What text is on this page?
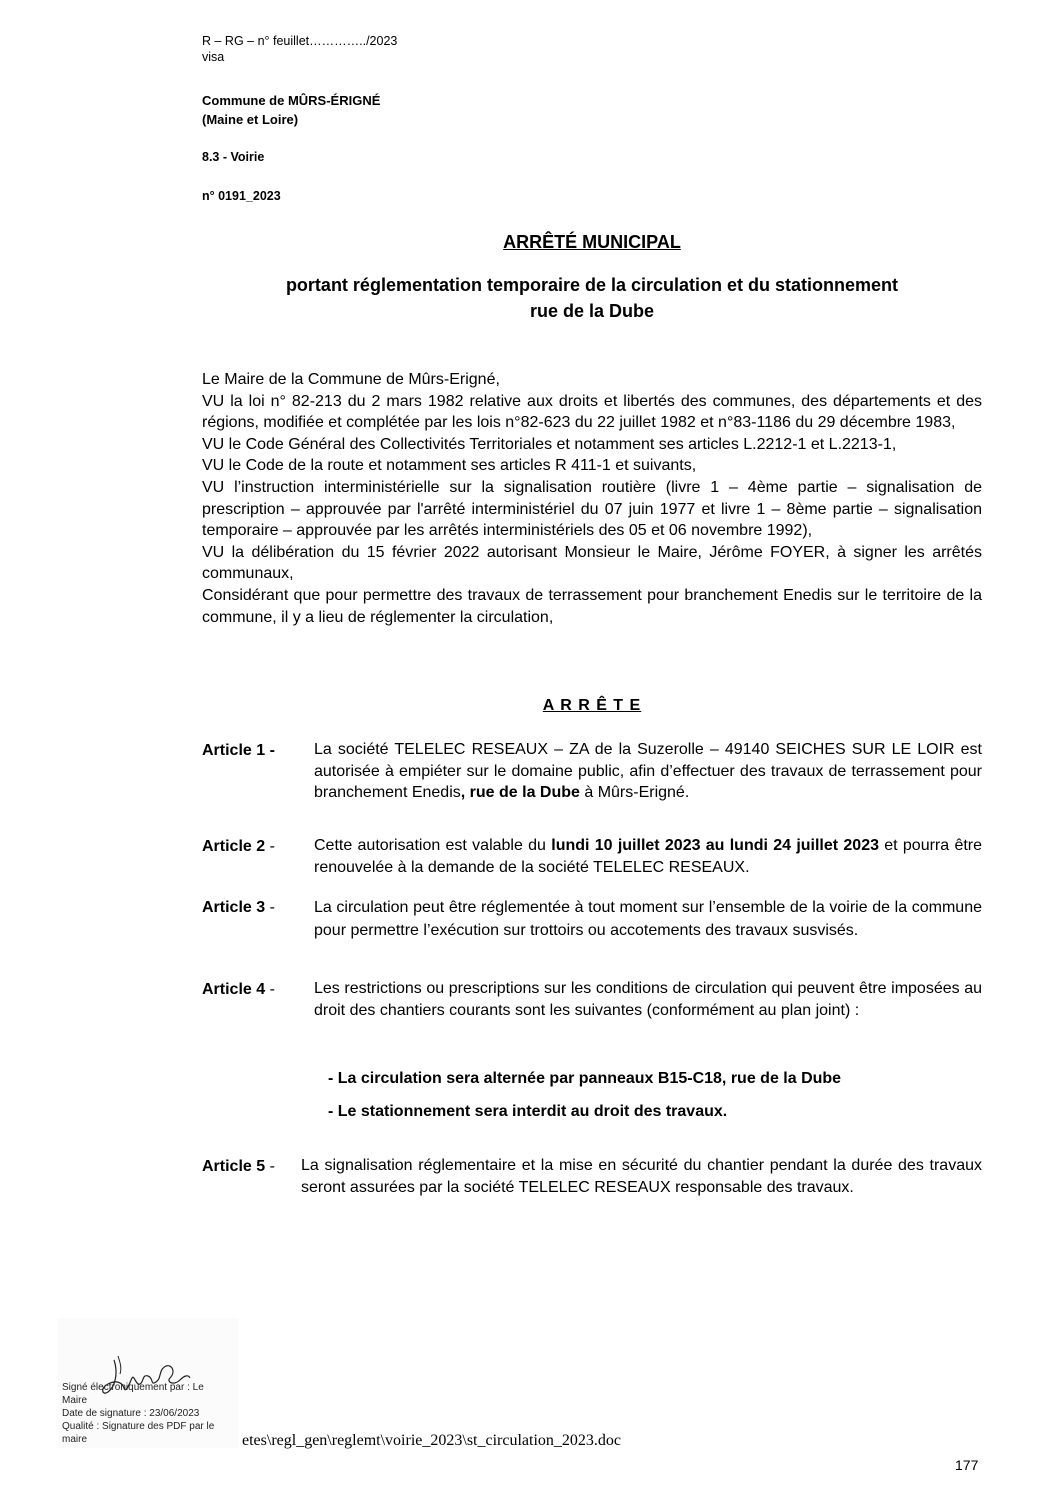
R – RG – n° feuillet…………../2023
visa
Commune de MÛRS-ÉRIGNÉ
(Maine et Loire)
8.3 - Voirie
n° 0191_2023
ARRÊTÉ MUNICIPAL
portant réglementation temporaire de la circulation et du stationnement
rue de la Dube
Le Maire de la Commune de Mûrs-Erigné,
VU la loi n° 82-213 du 2 mars 1982 relative aux droits et libertés des communes, des départements et des régions, modifiée et complétée par les lois n°82-623 du 22 juillet 1982 et n°83-1186 du 29 décembre 1983,
VU le Code Général des Collectivités Territoriales et notamment ses articles L.2212-1 et L.2213-1,
VU le Code de la route et notamment ses articles R 411-1 et suivants,
VU l’instruction interministérielle sur la signalisation routière (livre 1 – 4ème partie – signalisation de prescription – approuvée par l'arrêté interministériel du 07 juin 1977 et livre 1 – 8ème partie – signalisation temporaire – approuvée par les arrêtés interministériels des 05 et 06 novembre 1992),
VU la délibération du 15 février 2022 autorisant Monsieur le Maire, Jérôme FOYER, à signer les arrêtés communaux,
Considérant que pour permettre des travaux de terrassement pour branchement Enedis sur le territoire de la commune, il y a lieu de réglementer la circulation,
A R R Ê T E
Article 1 - La société TELELEC RESEAUX – ZA de la Suzerolle – 49140 SEICHES SUR LE LOIR est autorisée à empiéter sur le domaine public, afin d’effectuer des travaux de terrassement pour branchement Enedis, rue de la Dube à Mûrs-Erigné.
Article 2 - Cette autorisation est valable du lundi 10 juillet 2023 au lundi 24 juillet 2023 et pourra être renouvelée à la demande de la société TELELEC RESEAUX.
Article 3 - La circulation peut être réglementée à tout moment sur l’ensemble de la voirie de la commune pour permettre l’exécution sur trottoirs ou accotements des travaux susvisés.
Article 4 - Les restrictions ou prescriptions sur les conditions de circulation qui peuvent être imposées au droit des chantiers courants sont les suivantes (conformément au plan joint) :
- La circulation sera alternée par panneaux B15-C18, rue de la Dube
- Le stationnement sera interdit au droit des travaux.
Article 5 - La signalisation réglementaire et la mise en sécurité du chantier pendant la durée des travaux seront assurées par la société TELELEC RESEAUX responsable des travaux.
Signé électroniquement par : Le
Maire
Date de signature : 23/06/2023
Qualité : Signature des PDF par le
maire	etes\regl_gen\reglemt\voirie_2023\st_circulation_2023.doc
177
